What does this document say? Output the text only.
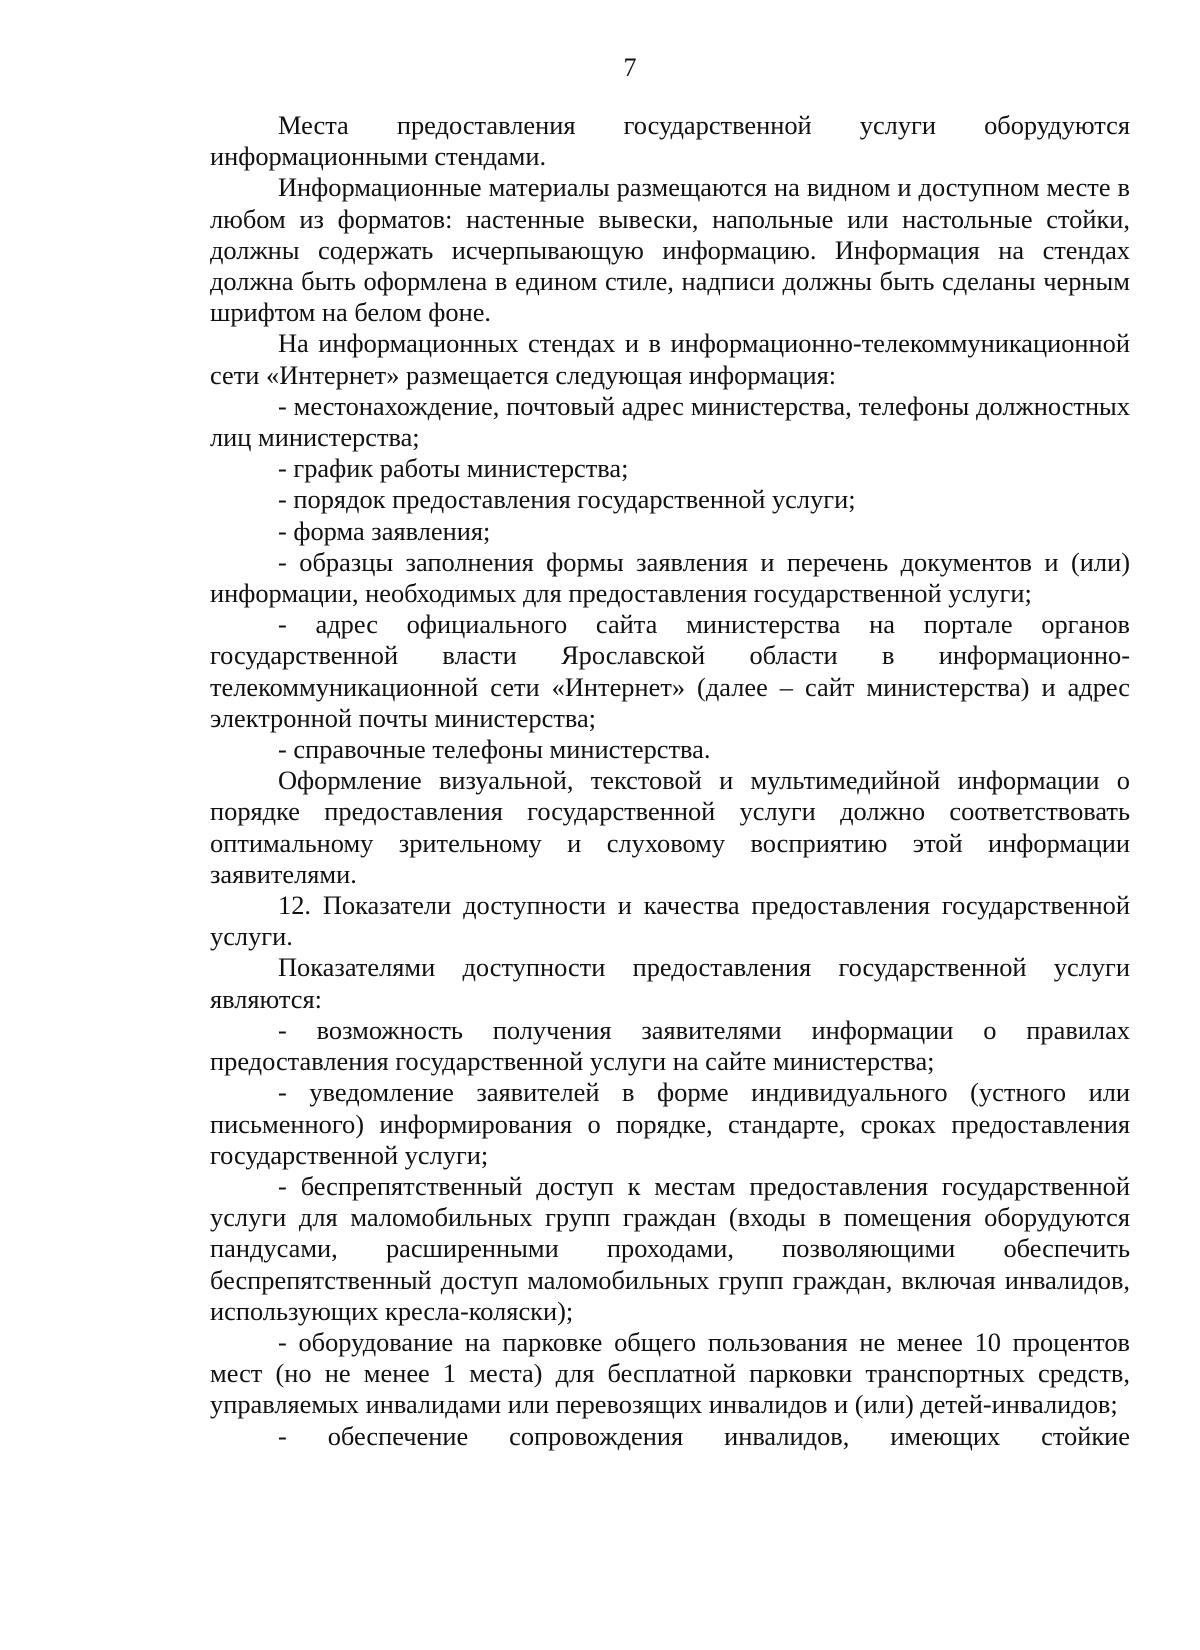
7

Места предоставления государственной услуги оборудуются информационными стендами.

Информационные материалы размещаются на видном и доступном месте в любом из форматов: настенные вывески, напольные или настольные стойки, должны содержать исчерпывающую информацию. Информация на стендах должна быть оформлена в едином стиле, надписи должны быть сделаны черным шрифтом на белом фоне.

На информационных стендах и в информационно-телекоммуникационной сети «Интернет» размещается следующая информация:

- местонахождение, почтовый адрес министерства, телефоны должностных лиц министерства;

- график работы министерства;

- порядок предоставления государственной услуги;

- форма заявления;

- образцы заполнения формы заявления и перечень документов и (или) информации, необходимых для предоставления государственной услуги;

- адрес официального сайта министерства на портале органов государственной власти Ярославской области в информационно-телекоммуникационной сети «Интернет» (далее – сайт министерства) и адрес электронной почты министерства;

- справочные телефоны министерства.

Оформление визуальной, текстовой и мультимедийной информации о порядке предоставления государственной услуги должно соответствовать оптимальному зрительному и слуховому восприятию этой информации заявителями.

12. Показатели доступности и качества предоставления государственной услуги.

Показателями доступности предоставления государственной услуги являются:

- возможность получения заявителями информации о правилах предоставления государственной услуги на сайте министерства;

- уведомление заявителей в форме индивидуального (устного или письменного) информирования о порядке, стандарте, сроках предоставления государственной услуги;

- беспрепятственный доступ к местам предоставления государственной услуги для маломобильных групп граждан (входы в помещения оборудуются пандусами, расширенными проходами, позволяющими обеспечить беспрепятственный доступ маломобильных групп граждан, включая инвалидов, использующих кресла-коляски);

- оборудование на парковке общего пользования не менее 10 процентов мест (но не менее 1 места) для бесплатной парковки транспортных средств, управляемых инвалидами или перевозящих инвалидов и (или) детей-инвалидов;

- обеспечение сопровождения инвалидов, имеющих стойкие
